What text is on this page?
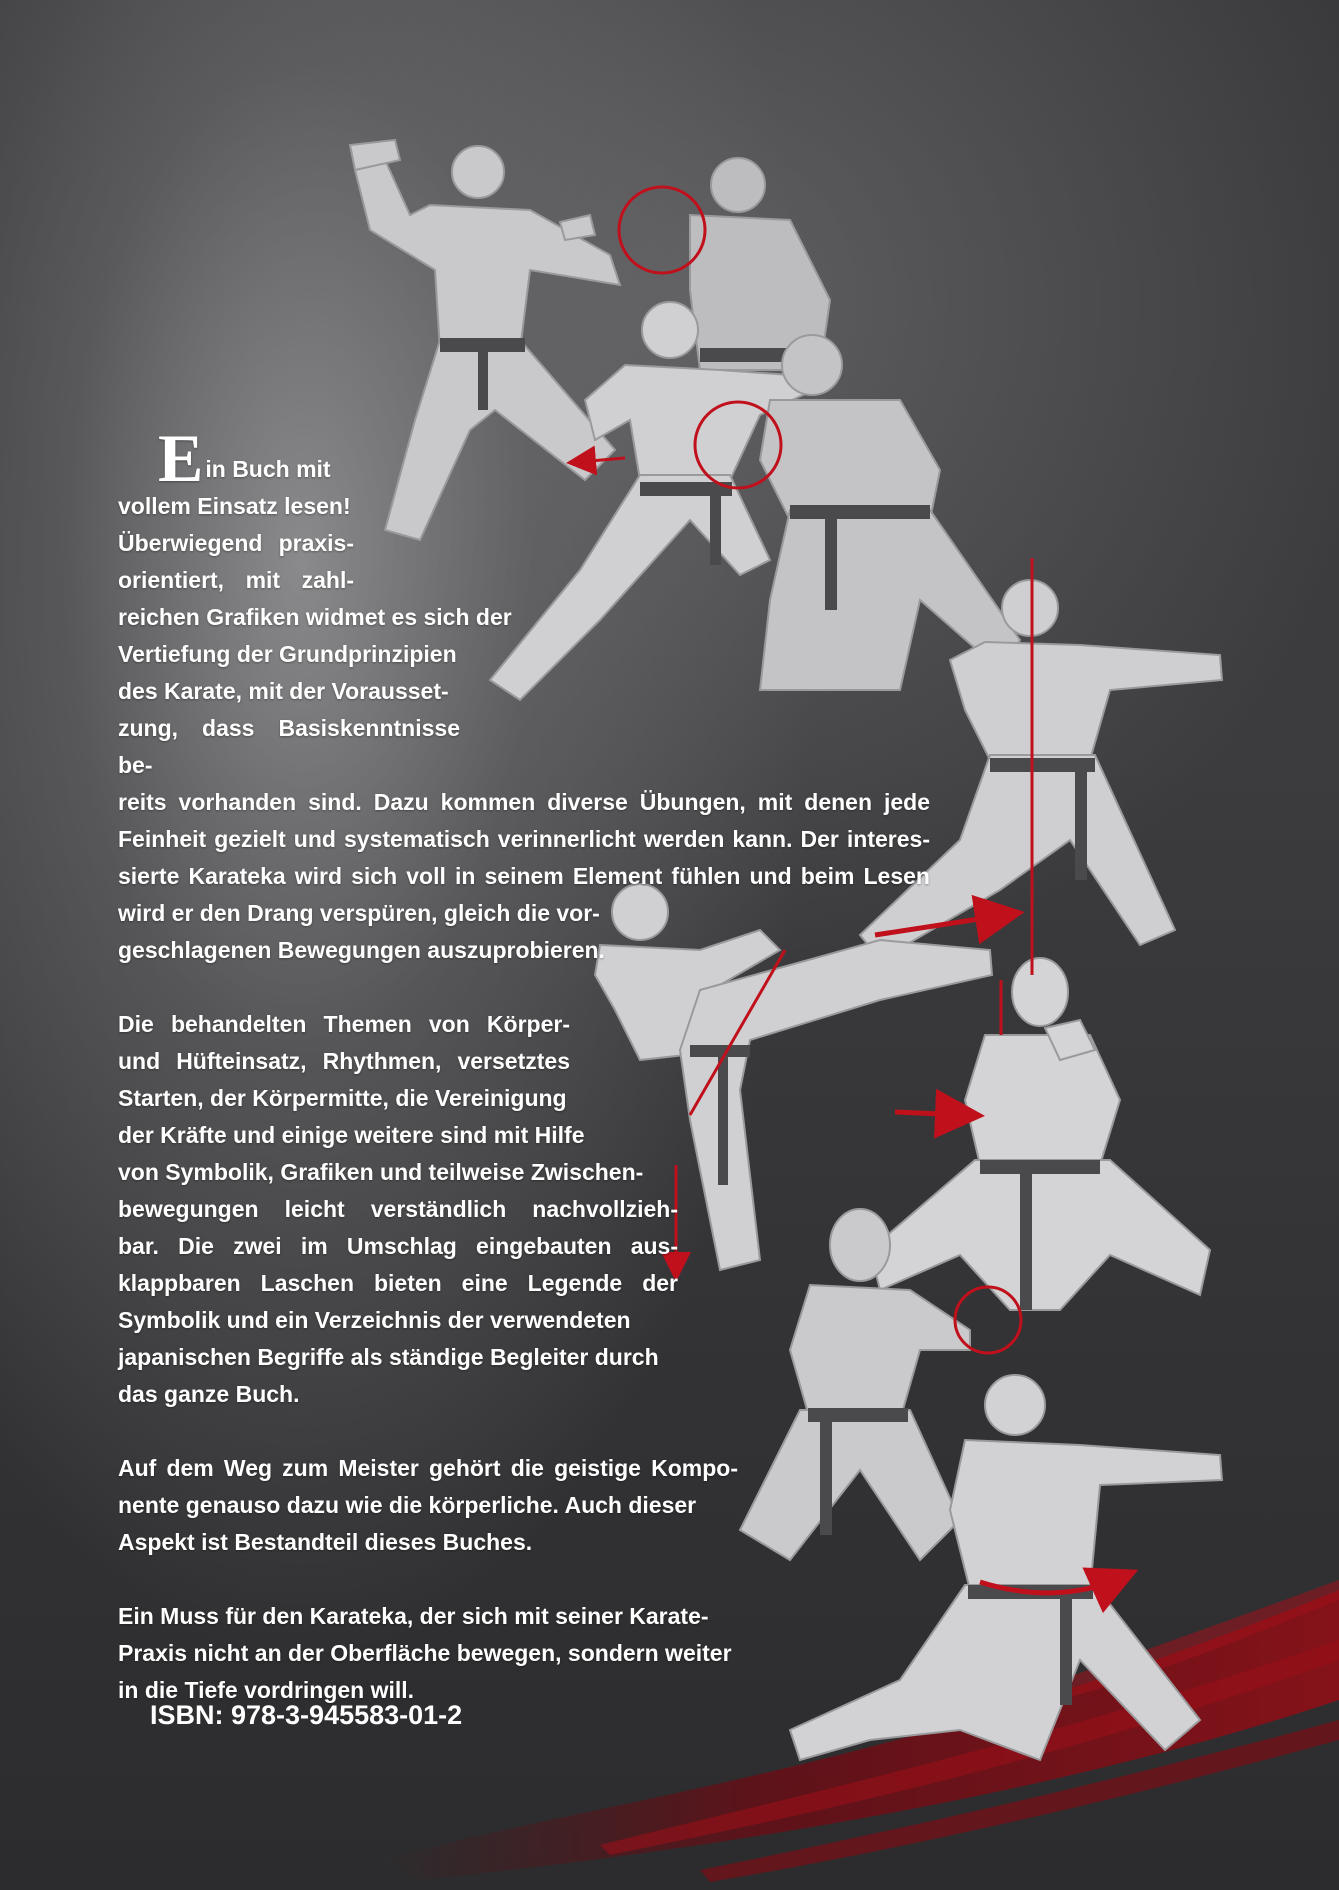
Ein Buch mit
vollem Einsatz lesen!
Überwiegend praxis-
orientiert, mit zahl-
reichen Grafiken widmet es sich der
Vertiefung der Grundprinzipien
des Karate, mit der Vorausset-
zung, dass Basiskenntnisse be-
reits vorhanden sind. Dazu kommen diverse Übungen, mit denen jede
Feinheit gezielt und systematisch verinnerlicht werden kann. Der interes-
sierte Karateka wird sich voll in seinem Element fühlen und beim Lesen
wird er den Drang verspüren, gleich die vor-
geschlagenen Bewegungen auszuprobieren.
Die behandelten Themen von Körper-
und Hüfteinsatz, Rhythmen, versetztes
Starten, der Körpermitte, die Vereinigung
der Kräfte und einige weitere sind mit Hilfe
von Symbolik, Grafiken und teilweise Zwischen-
bewegungen leicht verständlich nachvollzieh-
bar. Die zwei im Umschlag eingebauten aus-
klappbaren Laschen bieten eine Legende der
Symbolik und ein Verzeichnis der verwendeten
japanischen Begriffe als ständige Begleiter durch
das ganze Buch.
Auf dem Weg zum Meister gehört die geistige Kompo-
nente genauso dazu wie die körperliche. Auch dieser
Aspekt ist Bestandteil dieses Buches.
Ein Muss für den Karateka, der sich mit seiner Karate-
Praxis nicht an der Oberfläche bewegen, sondern weiter
in die Tiefe vordringen will.
ISBN: 978-3-945583-01-2
